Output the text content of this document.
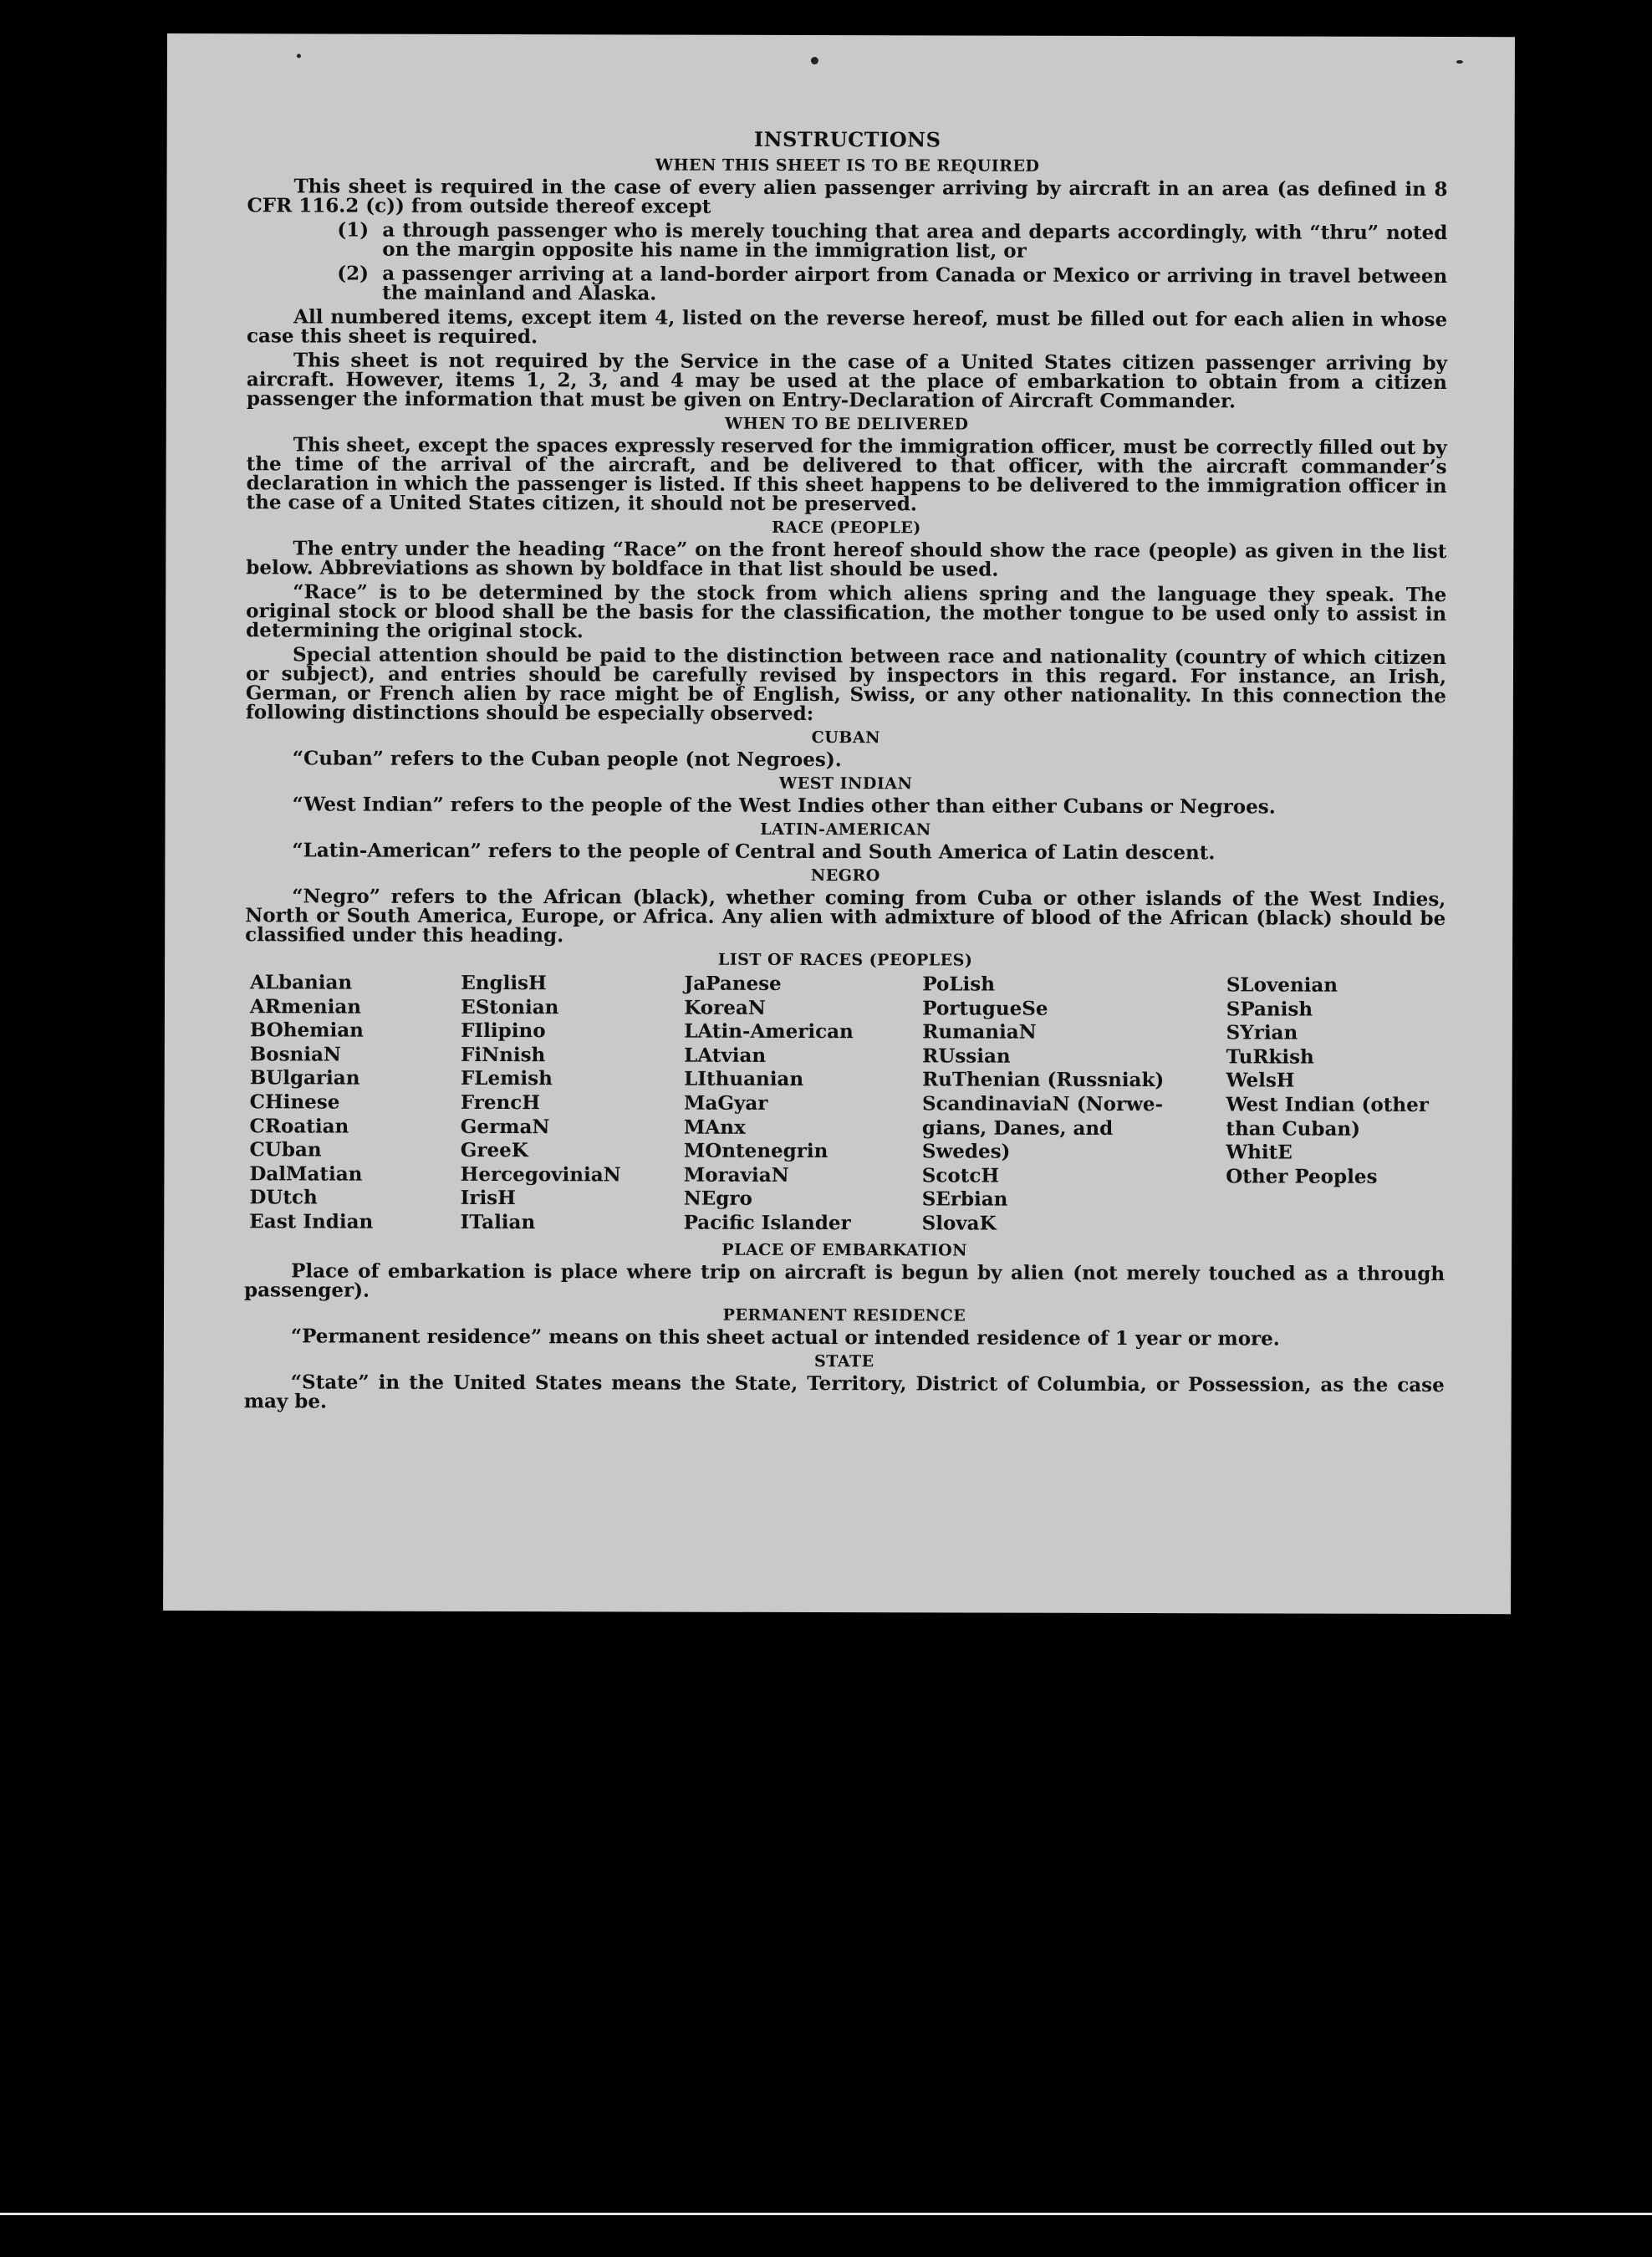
INSTRUCTIONS
WHEN THIS SHEET IS TO BE REQUIRED
This sheet is required in the case of every alien passenger arriving by aircraft in an area (as defined in 8 CFR 116.2 (c)) from outside thereof except
(1) a through passenger who is merely touching that area and departs accordingly, with “thru” noted on the margin opposite his name in the immigration list, or
(2) a passenger arriving at a land-border airport from Canada or Mexico or arriving in travel between the mainland and Alaska.
All numbered items, except item 4, listed on the reverse hereof, must be filled out for each alien in whose case this sheet is required.
This sheet is not required by the Service in the case of a United States citizen passenger arriving by aircraft. However, items 1, 2, 3, and 4 may be used at the place of embarkation to obtain from a citizen passenger the information that must be given on Entry-Declaration of Aircraft Commander.
WHEN TO BE DELIVERED
This sheet, except the spaces expressly reserved for the immigration officer, must be correctly filled out by the time of the arrival of the aircraft, and be delivered to that officer, with the aircraft commander’s declaration in which the passenger is listed. If this sheet happens to be delivered to the immigration officer in the case of a United States citizen, it should not be preserved.
RACE (PEOPLE)
The entry under the heading “Race” on the front hereof should show the race (people) as given in the list below. Abbreviations as shown by boldface in that list should be used.
“Race” is to be determined by the stock from which aliens spring and the language they speak. The original stock or blood shall be the basis for the classification, the mother tongue to be used only to assist in determining the original stock.
Special attention should be paid to the distinction between race and nationality (country of which citizen or subject), and entries should be carefully revised by inspectors in this regard. For instance, an Irish, German, or French alien by race might be of English, Swiss, or any other nationality. In this connection the following distinctions should be especially observed:
CUBAN
“Cuban” refers to the Cuban people (not Negroes).
WEST INDIAN
“West Indian” refers to the people of the West Indies other than either Cubans or Negroes.
LATIN-AMERICAN
“Latin-American” refers to the people of Central and South America of Latin descent.
NEGRO
“Negro” refers to the African (black), whether coming from Cuba or other islands of the West Indies, North or South America, Europe, or Africa. Any alien with admixture of blood of the African (black) should be classified under this heading.
LIST OF RACES (PEOPLES)
ALbanian
ARmenian
BOhemian
BosniaN
BUlgarian
CHinese
CRoatian
CUban
DalMatian
DUtch
East Indian
EnglisH
EStonian
FIlipino
FiNnish
FLemish
FrencH
GermaN
GreeK
HercegoviniaN
IrisH
ITalian
JaPanese
KoreaN
LAtin-American
LAtvian
LIthuanian
MaGyar
MAnx
MOntenegrin
MoraviaN
NEgro
Pacific Islander
PoLish
PortugueSe
RumaniaN
RUssian
RuThenian (Russniak)
ScandinaviaN (Norwe-
gians, Danes, and
Swedes)
ScotcH
SErbian
SlovaK
SLovenian
SPanish
SYrian
TuRkish
WelsH
West Indian (other
than Cuban)
WhitE
Other Peoples
PLACE OF EMBARKATION
Place of embarkation is place where trip on aircraft is begun by alien (not merely touched as a through passenger).
PERMANENT RESIDENCE
“Permanent residence” means on this sheet actual or intended residence of 1 year or more.
STATE
“State” in the United States means the State, Territory, District of Columbia, or Possession, as the case may be.
